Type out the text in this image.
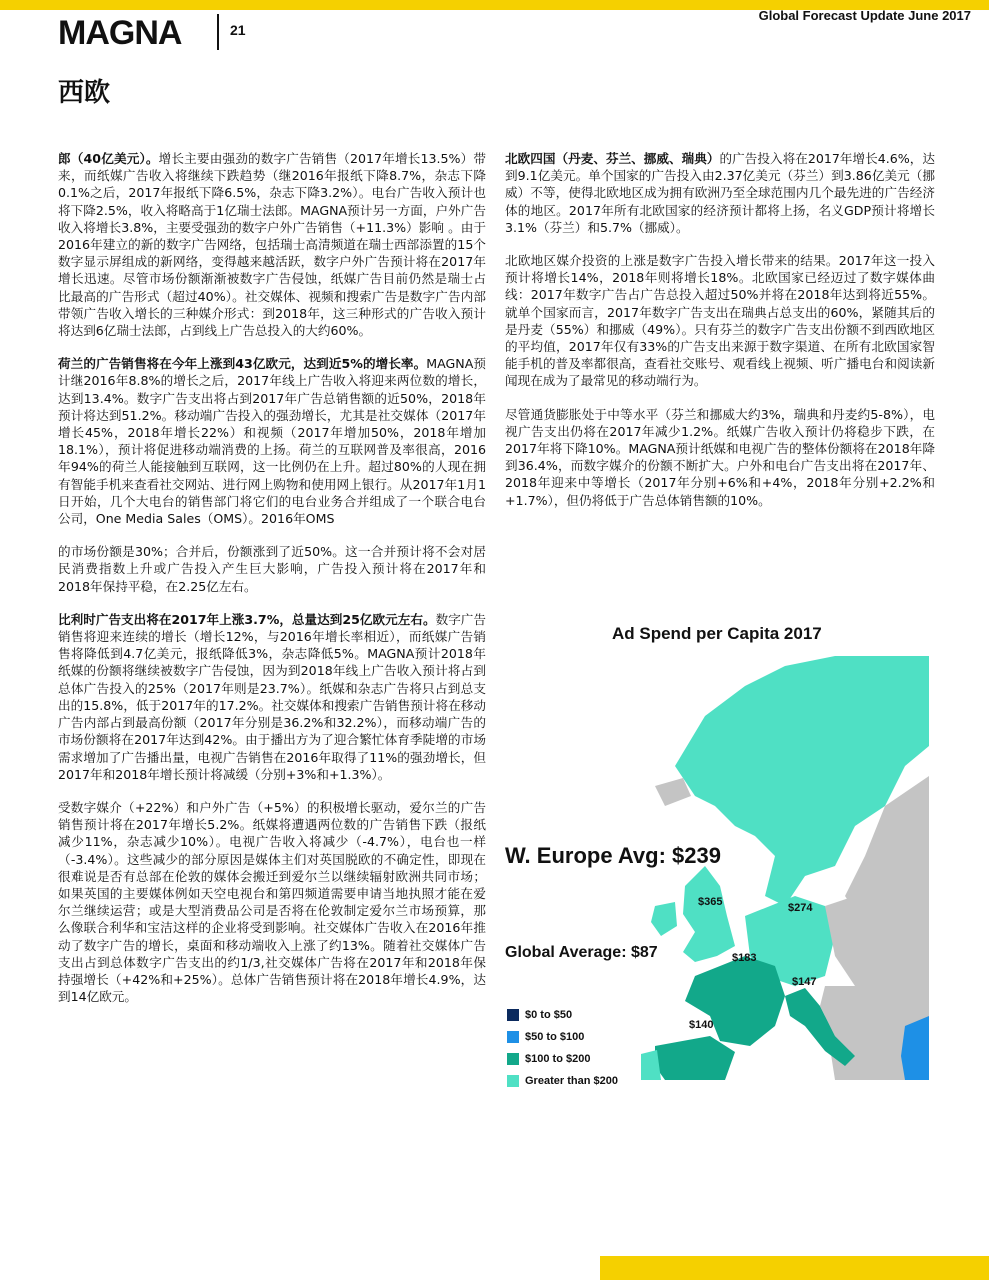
MAGNA	21
Global Forecast Update June 2017
西欧

郎（40亿美元）。增长主要由强劲的数字广告销售（2017年增长13.5%）带来，而纸媒广告收入将继续下跌趋势（继2016年报纸下降8.7%，杂志下降0.1%之后，2017年报纸下降6.5%，杂志下降3.2%）。电台广告收入预计也将下降2.5%，收入将略高于1亿瑞士法郎。MAGNA预计另一方面，户外广告收入将增长3.8%，主要受强劲的数字户外广告销售（+11.3%）影响 。由于2016年建立的新的数字广告网络，包括瑞士高清频道在瑞士西部添置的15个数字显示屏组成的新网络，变得越来越活跃，数字户外广告预计将在2017年增长迅速。尽管市场份额渐渐被数字广告侵蚀，纸媒广告目前仍然是瑞士占比最高的广告形式（超过40%）。社交媒体、视频和搜索广告是数字广告内部带领广告收入增长的三种媒介形式：到2018年，这三种形式的广告收入预计将达到6亿瑞士法郎，占到线上广告总投入的大约60%。

荷兰的广告销售将在今年上涨到43亿欧元，达到近5%的增长率。MAGNA预计继2016年8.8%的增长之后，2017年线上广告收入将迎来两位数的增长，达到13.4%。数字广告支出将占到2017年广告总销售额的近50%，2018年预计将达到51.2%。移动端广告投入的强劲增长，尤其是社交媒体（2017年增长45%，2018年增长22%）和视频（2017年增加50%，2018年增加18.1%），预计将促进移动端消费的上扬。荷兰的互联网普及率很高，2016年94%的荷兰人能接触到互联网，这一比例仍在上升。超过80%的人现在拥有智能手机来查看社交网站、进行网上购物和使用网上银行。从2017年1月1日开始，几个大电台的销售部门将它们的电台业务合并组成了一个联合电台公司，One Media Sales（OMS）。2016年OMS

的市场份额是30%；合并后，份额涨到了近50%。这一合并预计将不会对居民消费指数上升或广告投入产生巨大影响，广告投入预计将在2017年和2018年保持平稳，在2.25亿左右。

比利时广告支出将在2017年上涨3.7%，总量达到25亿欧元左右。数字广告销售将迎来连续的增长（增长12%，与2016年增长率相近），而纸媒广告销售将降低到4.7亿美元，报纸降低3%，杂志降低5%。MAGNA预计2018年纸媒的份额将继续被数字广告侵蚀，因为到2018年线上广告收入预计将占到总体广告投入的25%（2017年则是23.7%）。纸媒和杂志广告将只占到总支出的15.8%，低于2017年的17.2%。社交媒体和搜索广告销售预计将在移动广告内部占到最高份额（2017年分别是36.2%和32.2%），而移动端广告的市场份额将在2017年达到42%。由于播出方为了迎合繁忙体育季陡增的市场需求增加了广告播出量，电视广告销售在2016年取得了11%的强劲增长，但2017年和2018年增长预计将减缓（分别+3%和+1.3%）。

受数字媒介（+22%）和户外广告（+5%）的积极增长驱动，爱尔兰的广告销售预计将在2017年增长5.2%。纸媒将遭遇两位数的广告销售下跌（报纸减少11%，杂志减少10%）。电视广告收入将减少（-4.7%），电台也一样（-3.4%）。这些减少的部分原因是媒体主们对英国脱欧的不确定性，即现在很难说是否有总部在伦敦的媒体会搬迁到爱尔兰以继续辐射欧洲共同市场；如果英国的主要媒体例如天空电视台和第四频道需要申请当地执照才能在爱尔兰继续运营；或是大型消费品公司是否将在伦敦制定爱尔兰市场预算，那么像联合利华和宝洁这样的企业将受到影响。社交媒体广告收入在2016年推动了数字广告的增长，桌面和移动端收入上涨了约13%。随着社交媒体广告支出占到总体数字广告支出的约1/3,社交媒体广告将在2017年和2018年保持强增长（+42%和+25%）。总体广告销售预计将在2018年增长4.9%，达到14亿欧元。

北欧四国（丹麦、芬兰、挪威、瑞典）的广告投入将在2017年增长4.6%，达到9.1亿美元。单个国家的广告投入由2.37亿美元（芬兰）到3.86亿美元（挪威）不等，使得北欧地区成为拥有欧洲乃至全球范围内几个最先进的广告经济体的地区。2017年所有北欧国家的经济预计都将上扬，名义GDP预计将增长3.1%（芬兰）和5.7%（挪威）。

北欧地区媒介投资的上涨是数字广告投入增长带来的结果。2017年这一投入预计将增长14%，2018年则将增长18%。北欧国家已经迈过了数字媒体曲线：2017年数字广告占广告总投入超过50%并将在2018年达到将近55%。就单个国家而言，2017年数字广告支出在瑞典占总支出的60%，紧随其后的是丹麦（55%）和挪威（49%）。只有芬兰的数字广告支出份额不到西欧地区的平均值，2017年仅有33%的广告支出来源于数字渠道、在所有北欧国家智能手机的普及率都很高，查看社交账号、观看线上视频、听广播电台和阅读新闻现在成为了最常见的移动端行为。

尽管通货膨胀处于中等水平（芬兰和挪威大约3%，瑞典和丹麦约5-8%），电视广告支出仍将在2017年减少1.2%。纸媒广告收入预计仍将稳步下跌，在2017年将下降10%。MAGNA预计纸媒和电视广告的整体份额将在2018年降到36.4%，而数字媒介的份额不断扩大。户外和电台广告支出将在2017年、2018年迎来中等增长（2017年分别+6%和+4%，2018年分别+2.2%和+1.7%），但仍将低于广告总体销售额的10%。

Ad Spend per Capita 2017
W. Europe Avg: $239
Global Average: $87
$365	$274
$183
$147
$140
$0 to $50
$50 to $100
$100 to $200
Greater than $200
